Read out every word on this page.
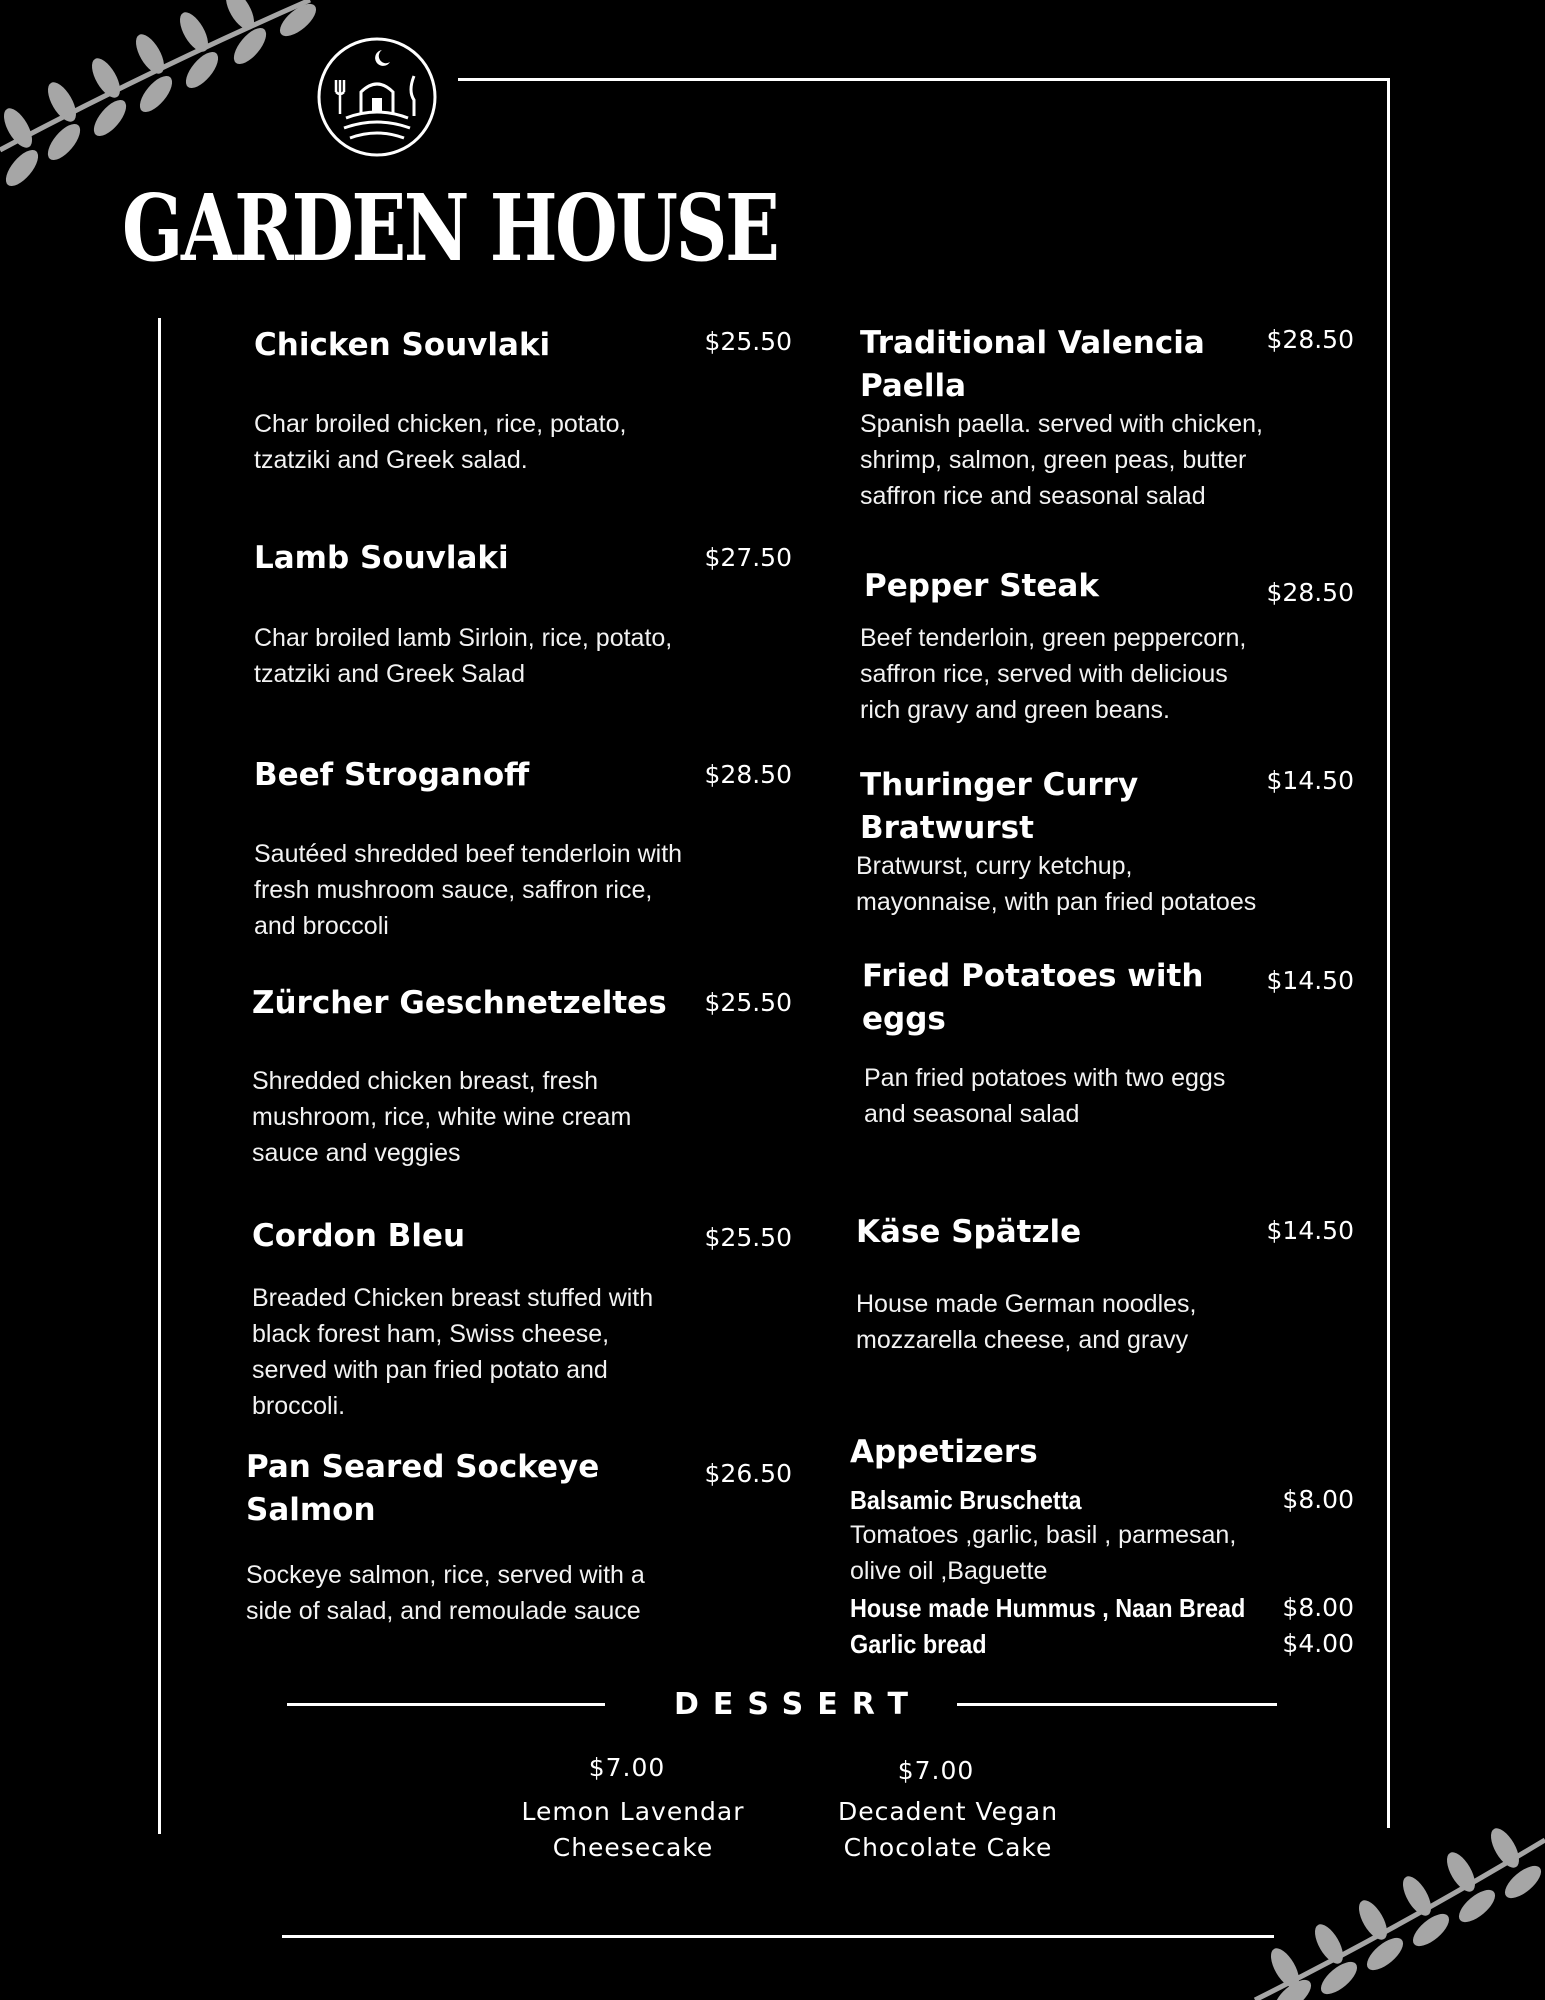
GARDEN HOUSE
Chicken Souvlaki	$25.50
Char broiled chicken, rice, potato,
tzatziki and Greek salad.
Lamb Souvlaki	$27.50
Char broiled lamb Sirloin, rice, potato,
tzatziki and Greek Salad
Beef Stroganoff	$28.50
Sautéed shredded beef tenderloin with
fresh mushroom sauce, saffron rice,
and broccoli
Zürcher Geschnetzeltes	$25.50
Shredded chicken breast, fresh
mushroom, rice, white wine cream
sauce and veggies
Cordon Bleu	$25.50
Breaded Chicken breast stuffed with
black forest ham, Swiss cheese,
served with pan fried potato and
broccoli.
Pan Seared Sockeye
Salmon
$26.50
Sockeye salmon, rice, served with a
side of salad, and remoulade sauce
Traditional Valencia
Paella
$28.50
Spanish paella. served with chicken,
shrimp, salmon, green peas, butter
saffron rice and seasonal salad
Pepper Steak	$28.50
Beef tenderloin, green peppercorn,
saffron rice, served with delicious
rich gravy and green beans.
Thuringer Curry
Bratwurst
$14.50
Bratwurst, curry ketchup,
mayonnaise, with pan fried potatoes
Fried Potatoes with
eggs
$14.50
Pan fried potatoes with two eggs
and seasonal salad
Käse Spätzle	$14.50
House made German noodles,
mozzarella cheese, and gravy
Appetizers
Balsamic Bruschetta	$8.00
Tomatoes ,garlic, basil , parmesan,
olive oil ,Baguette
House made Hummus , Naan Bread	$8.00
Garlic bread	$4.00
DESSERT
$7.00
Lemon Lavendar
Cheesecake
$7.00
Decadent Vegan
Chocolate Cake
